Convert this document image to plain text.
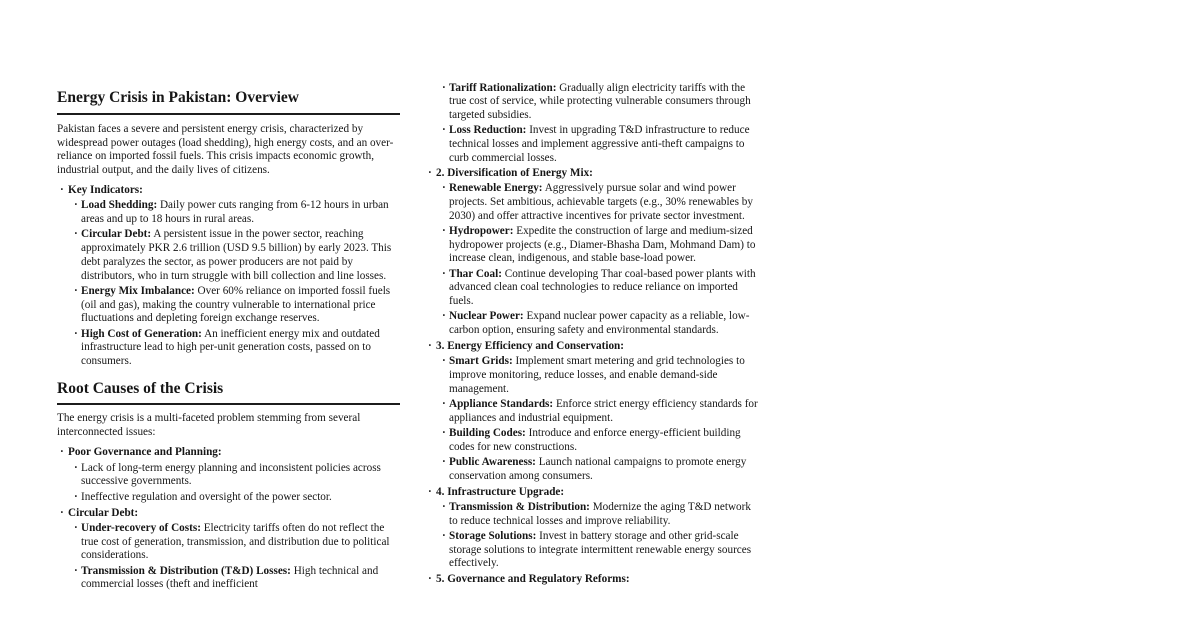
Energy Crisis in Pakistan: Overview

Pakistan faces a severe and persistent energy crisis, characterized by widespread power outages (load shedding), high energy costs, and an over-reliance on imported fossil fuels. This crisis impacts economic growth, industrial output, and the daily lives of citizens.

· Key Indicators:
· Load Shedding: Daily power cuts ranging from 6-12 hours in urban areas and up to 18 hours in rural areas.
· Circular Debt: A persistent issue in the power sector, reaching approximately PKR 2.6 trillion (USD 9.5 billion) by early 2023. This debt paralyzes the sector, as power producers are not paid by distributors, who in turn struggle with bill collection and line losses.
· Energy Mix Imbalance: Over 60% reliance on imported fossil fuels (oil and gas), making the country vulnerable to international price fluctuations and depleting foreign exchange reserves.
· High Cost of Generation: An inefficient energy mix and outdated infrastructure lead to high per-unit generation costs, passed on to consumers.
Root Causes of the Crisis

The energy crisis is a multi-faceted problem stemming from several interconnected issues:

· Poor Governance and Planning:
· Lack of long-term energy planning and inconsistent policies across successive governments.
· Ineffective regulation and oversight of the power sector.
· Circular Debt:
· Under-recovery of Costs: Electricity tariffs often do not reflect the true cost of generation, transmission, and distribution due to political considerations.
· Transmission & Distribution (T&D) Losses: High technical and commercial losses (theft and inefficient
· Tariff Rationalization: Gradually align electricity tariffs with the true cost of service, while protecting vulnerable consumers through targeted subsidies.
· Loss Reduction: Invest in upgrading T&D infrastructure to reduce technical losses and implement aggressive anti-theft campaigns to curb commercial losses.
· 2. Diversification of Energy Mix:
· Renewable Energy: Aggressively pursue solar and wind power projects. Set ambitious, achievable targets (e.g., 30% renewables by 2030) and offer attractive incentives for private sector investment.
· Hydropower: Expedite the construction of large and medium-sized hydropower projects (e.g., Diamer-Bhasha Dam, Mohmand Dam) to increase clean, indigenous, and stable base-load power.
· Thar Coal: Continue developing Thar coal-based power plants with advanced clean coal technologies to reduce reliance on imported fuels.
· Nuclear Power: Expand nuclear power capacity as a reliable, low-carbon option, ensuring safety and environmental standards.
· 3. Energy Efficiency and Conservation:
· Smart Grids: Implement smart metering and grid technologies to improve monitoring, reduce losses, and enable demand-side management.
· Appliance Standards: Enforce strict energy efficiency standards for appliances and industrial equipment.
· Building Codes: Introduce and enforce energy-efficient building codes for new constructions.
· Public Awareness: Launch national campaigns to promote energy conservation among consumers.
· 4. Infrastructure Upgrade:
· Transmission & Distribution: Modernize the aging T&D network to reduce technical losses and improve reliability.
· Storage Solutions: Invest in battery storage and other grid-scale storage solutions to integrate intermittent renewable energy sources effectively.
· 5. Governance and Regulatory Reforms:
